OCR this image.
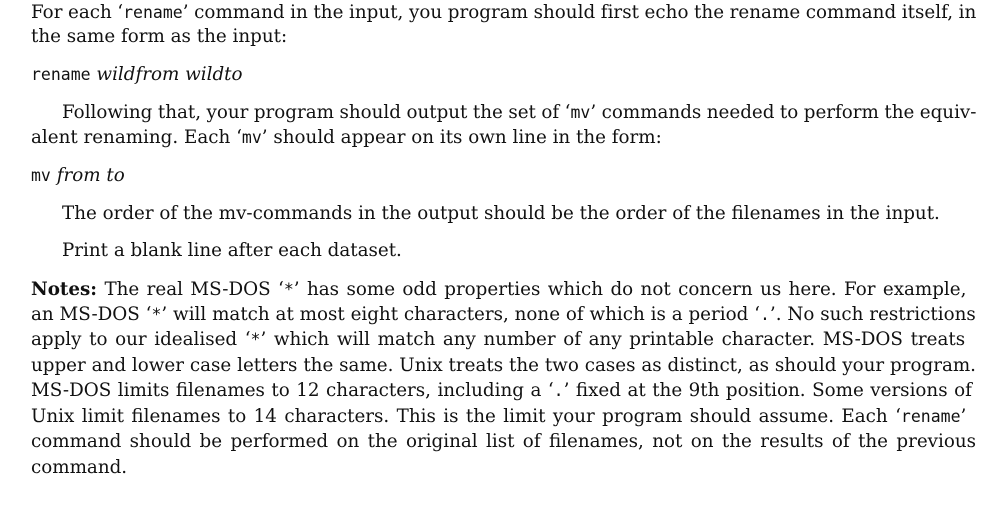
For each ‘rename’ command in the input, you program should first echo the rename command itself, in
the same form as the input:
rename wildfrom wildto
Following that, your program should output the set of ‘mv’ commands needed to perform the equiv-
alent renaming. Each ‘mv’ should appear on its own line in the form:
mv from to
The order of the mv-commands in the output should be the order of the filenames in the input.
Print a blank line after each dataset.
Notes: The real MS-DOS ‘*’ has some odd properties which do not concern us here. For example,
an MS-DOS ‘*’ will match at most eight characters, none of which is a period ‘.’. No such restrictions
apply to our idealised ‘*’ which will match any number of any printable character. MS-DOS treats
upper and lower case letters the same. Unix treats the two cases as distinct, as should your program.
MS-DOS limits filenames to 12 characters, including a ‘.’ fixed at the 9th position. Some versions of
Unix limit filenames to 14 characters. This is the limit your program should assume. Each ‘rename’
command should be performed on the original list of filenames, not on the results of the previous
command.
